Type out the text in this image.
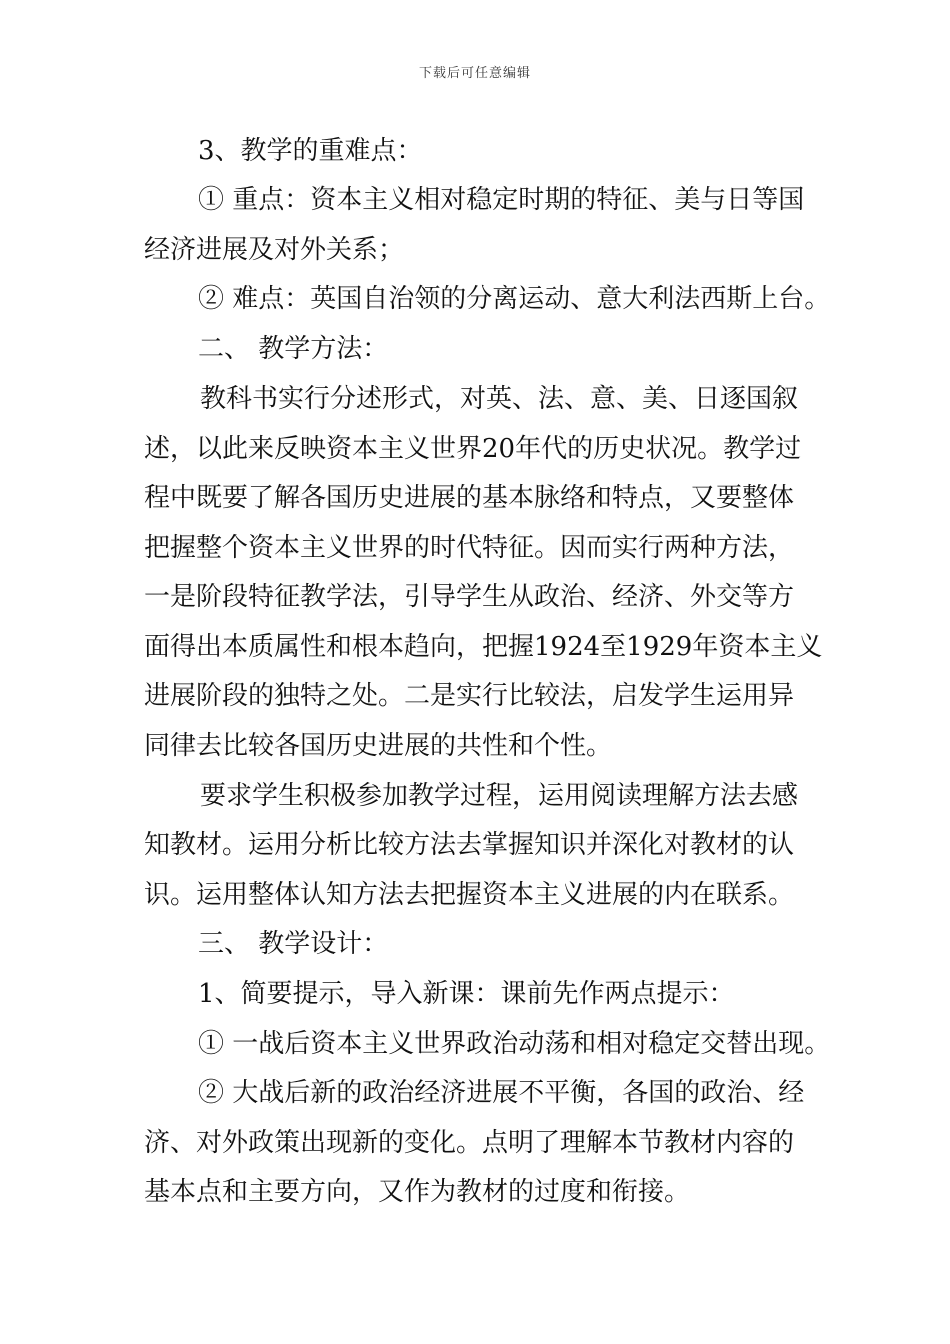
下载后可任意编辑
3、教学的重难点：
① 重点：资本主义相对稳定时期的特征、美与日等国
经济进展及对外关系；
② 难点：英国自治领的分离运动、意大利法西斯上台。
二、 教学方法：
教科书实行分述形式，对英、法、意、美、日逐国叙
述，以此来反映资本主义世界20年代的历史状况。教学过
程中既要了解各国历史进展的基本脉络和特点，又要整体
把握整个资本主义世界的时代特征。因而实行两种方法，
一是阶段特征教学法，引导学生从政治、经济、外交等方
面得出本质属性和根本趋向，把握1924至1929年资本主义
进展阶段的独特之处。二是实行比较法，启发学生运用异
同律去比较各国历史进展的共性和个性。
要求学生积极参加教学过程，运用阅读理解方法去感
知教材。运用分析比较方法去掌握知识并深化对教材的认
识。运用整体认知方法去把握资本主义进展的内在联系。
三、 教学设计：
1、简要提示，导入新课：课前先作两点提示：
① 一战后资本主义世界政治动荡和相对稳定交替出现。
② 大战后新的政治经济进展不平衡，各国的政治、经
济、对外政策出现新的变化。点明了理解本节教材内容的
基本点和主要方向，又作为教材的过度和衔接。
